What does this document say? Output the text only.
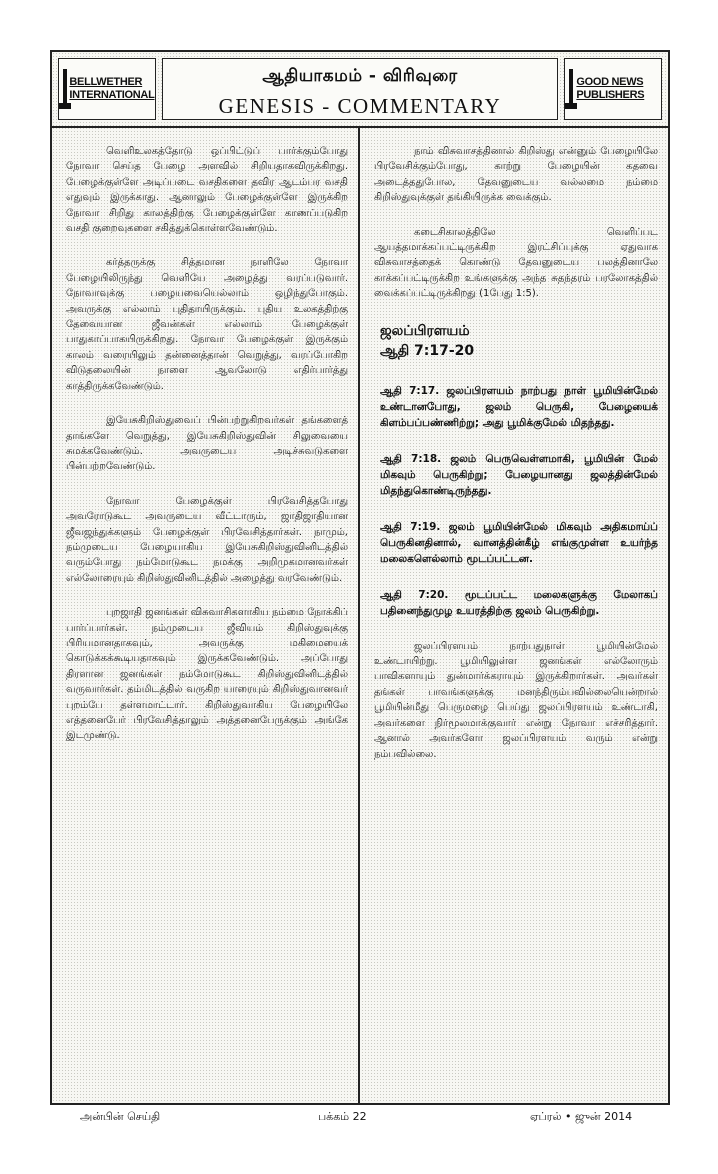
BELLWETHER INTERNATIONAL
ஆதியாகமம் - விரிவுரை
GENESIS - COMMENTARY
GOOD NEWS PUBLISHERS

வெளிஉலகத்தோடு ஒப்பிட்டுப் பார்க்கும்போது நோவா செய்த பேழை அளவில் சிறியதாகவிருக்கிறது. பேழைக்குள்ளே அடிப்படை வசதிகளை தவிர ஆடம்பர வசதி எதுவும் இருக்காது. ஆனாலும் பேழைக்குள்ளே இருக்கிற நோவா சிறிது காலத்திற்கு பேழைக்குள்ளே காணப்படுகிற வசதி குறைவுகளை சகித்துக்கொள்ளவேண்டும்.

கர்த்தருக்கு சித்தமான நாளிலே நோவா பேழையிலிருந்து வெளியே அழைத்து வரப்படுவார். நோவாவுக்கு பழையவையெல்லாம் ஒழிந்துபோகும். அவருக்கு எல்லாம் புதிதாயிருக்கும். புதிய உலகத்திற்கு தேவையான ஜீவன்கள் எல்லாம் பேழைக்குள் பாதுகாப்பாகயிருக்கிறது. நோவா பேழைக்குள் இருக்கும் காலம் வரையிலும் தன்னைத்தான் வெறுத்து, வரப்போகிற விடுதலையின் நாளை ஆவலோடு எதிர்பார்த்து காத்திருக்கவேண்டும்.

இயேசுகிறிஸ்துவைப் பின்பற்றுகிறவர்கள் தங்களைத் தாங்களே வெறுத்து, இயேசுகிறிஸ்துவின் சிலுவையை சுமக்கவேண்டும். அவருடைய அடிச்சுவடுகளை பின்பற்றவேண்டும்.

நோவா பேழைக்குள் பிரவேசித்தபோது அவரோடுகூட அவருடைய வீட்டாரும், ஜாதிஜாதியான ஜீவஜந்துக்களும் பேழைக்குள் பிரவேசித்தார்கள். நாமும், நம்முடைய பேழையாகிய இயேசுகிறிஸ்துவினிடத்தில் வரும்போது நம்மோடுகூட நமக்கு அறிமுகமானவர்கள் எல்லோரையும் கிறிஸ்துவினிடத்தில் அழைத்து வரவேண்டும்.

புறஜாதி ஜனங்கள் விசுவாசிகளாகிய நம்மை நோக்கிப் பார்ப்பார்கள். நம்முடைய ஜீவியம் கிறிஸ்துவுக்கு பிரியமானதாகவும், அவருக்கு மகிமையைக் கொடுக்கக்கூடியதாகவும் இருக்கவேண்டும். அப்போது திரளான ஜனங்கள் நம்மோடுகூட கிறிஸ்துவினிடத்தில் வருவார்கள். தம்மிடத்தில் வருகிற யாரையும் கிறிஸ்துவானவர் புறம்பே தள்ளமாட்டார். கிறிஸ்துவாகிய பேழையிலே எத்தனைபேர் பிரவேசித்தாலும் அத்தனைபேருக்கும் அங்கே இடமுண்டு.

நாம் விசுவாசத்தினால் கிறிஸ்து என்னும் பேழையிலே பிரவேசிக்கும்போது, காற்று பேழையின் கதவை அடைத்ததுபோல, தேவனுடைய வல்லமை நம்மை கிறிஸ்துவுக்குள் தங்கியிருக்க வைக்கும்.

கடைசிகாலத்திலே வெளிப்பட ஆயத்தமாக்கப்பட்டிருக்கிற இரட்சிப்புக்கு ஏதுவாக விசுவாசத்தைக் கொண்டு தேவனுடைய பலத்தினாலே காக்கப்பட்டிருக்கிற உங்களுக்கு அந்த சுதந்தரம் பரலோகத்தில் வைக்கப்பட்டிருக்கிறது (1பேது 1:5).

ஜலப்பிரளயம்
ஆதி 7:17-20

ஆதி 7:17. ஜலப்பிரளயம் நாற்பது நாள் பூமியின்மேல் உண்டானபோது, ஜலம் பெருகி, பேழையைக் கிளம்பப்பண்ணிற்று; அது பூமிக்குமேல் மிதந்தது.

ஆதி 7:18. ஜலம் பெருவெள்ளமாகி, பூமியின் மேல் மிகவும் பெருகிற்று; பேழையானது ஜலத்தின்மேல் மிதந்துகொண்டிருந்தது.

ஆதி 7:19. ஜலம் பூமியின்மேல் மிகவும் அதிகமாய்ப் பெருகினதினால், வானத்தின்கீழ் எங்குமுள்ள உயர்ந்த மலைகளெல்லாம் மூடப்பட்டன.

ஆதி 7:20. மூடப்பட்ட மலைகளுக்கு மேலாகப் பதினைந்துமுழ உயரத்திற்கு ஜலம் பெருகிற்று.

ஜலப்பிரளயம் நாற்பதுநாள் பூமியின்மேல் உண்டாயிற்று. பூமியிலுள்ள ஜனங்கள் எல்லோரும் பாவிகளாயும் துன்மார்க்கராயும் இருக்கிறார்கள். அவர்கள் தங்கள் பாவங்களுக்கு மனந்திரும்பவில்லையென்றால் பூமியின்மீது பெருமழை பெய்து ஜலப்பிரளயம் உண்டாகி, அவர்களை நிர்மூலமாக்குவார் என்று நோவா எச்சரித்தார். ஆனால் அவர்களோ ஜலப்பிரளயம் வரும் என்று நம்பவில்லை.

அன்பின் செய்தி	பக்கம் 22	ஏப்ரல் • ஜுன் 2014
